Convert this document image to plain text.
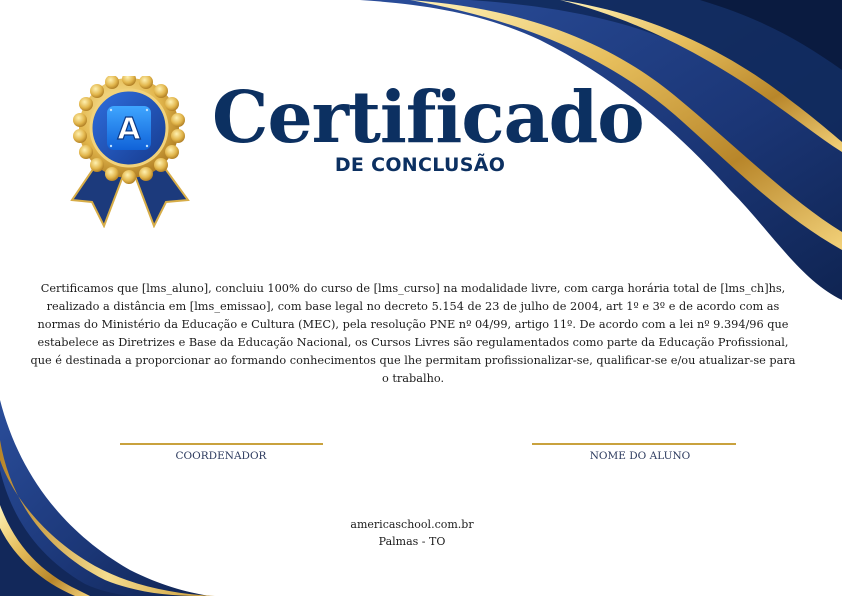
A Certificado
DE CONCLUSÃO

Certificamos que [lms_aluno], concluiu 100% do curso de [lms_curso] na modalidade livre, com carga horária total de [lms_ch]hs, realizado a distância em [lms_emissao], com base legal no decreto 5.154 de 23 de julho de 2004, art 1º e 3º e de acordo com as normas do Ministério da Educação e Cultura (MEC), pela resolução PNE nº 04/99, artigo 11º. De acordo com a lei nº 9.394/96 que estabelece as Diretrizes e Base da Educação Nacional, os Cursos Livres são regulamentados como parte da Educação Profissional, que é destinada a proporcionar ao formando conhecimentos que lhe permitam profissionalizar-se, qualificar-se e/ou atualizar-se para o trabalho.

COORDENADOR	NOME DO ALUNO
americaschool.com.br
Palmas - TO
